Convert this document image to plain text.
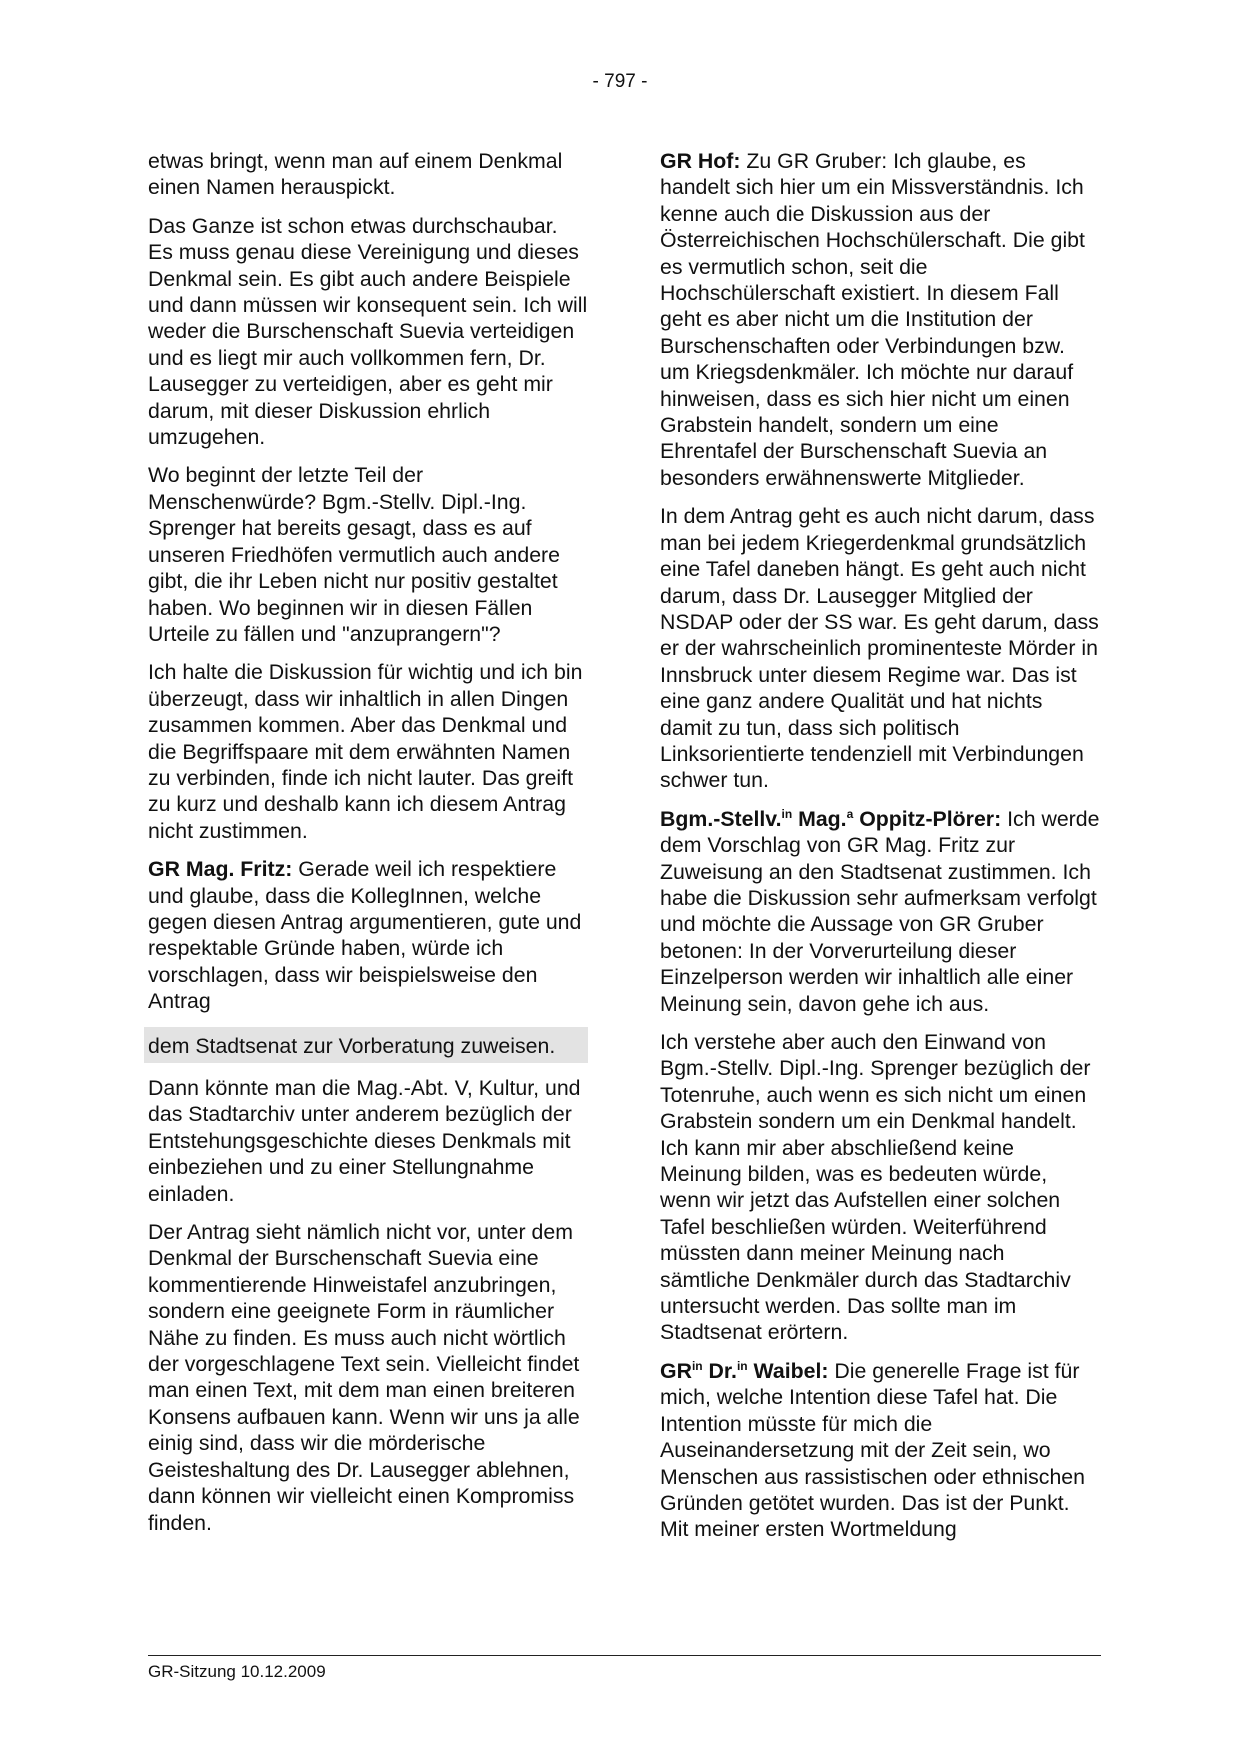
- 797 -

etwas bringt, wenn man auf einem Denkmal einen Namen herauspickt.

Das Ganze ist schon etwas durchschaubar. Es muss genau diese Vereinigung und dieses Denkmal sein. Es gibt auch andere Beispiele und dann müssen wir konsequent sein. Ich will weder die Burschenschaft Suevia verteidigen und es liegt mir auch vollkommen fern, Dr. Lausegger zu verteidigen, aber es geht mir darum, mit dieser Diskussion ehrlich umzugehen.

Wo beginnt der letzte Teil der Menschenwürde? Bgm.-Stellv. Dipl.-Ing. Sprenger hat bereits gesagt, dass es auf unseren Friedhöfen vermutlich auch andere gibt, die ihr Leben nicht nur positiv gestaltet haben. Wo beginnen wir in diesen Fällen Urteile zu fällen und "anzuprangern"?

Ich halte die Diskussion für wichtig und ich bin überzeugt, dass wir inhaltlich in allen Dingen zusammen kommen. Aber das Denkmal und die Begriffspaare mit dem erwähnten Namen zu verbinden, finde ich nicht lauter. Das greift zu kurz und deshalb kann ich diesem Antrag nicht zustimmen.

GR Mag. Fritz: Gerade weil ich respektiere und glaube, dass die KollegInnen, welche gegen diesen Antrag argumentieren, gute und respektable Gründe haben, würde ich vorschlagen, dass wir beispielsweise den Antrag

dem Stadtsenat zur Vorberatung zuweisen.

Dann könnte man die Mag.-Abt. V, Kultur, und das Stadtarchiv unter anderem bezüglich der Entstehungsgeschichte dieses Denkmals mit einbeziehen und zu einer Stellungnahme einladen.

Der Antrag sieht nämlich nicht vor, unter dem Denkmal der Burschenschaft Suevia eine kommentierende Hinweistafel anzubringen, sondern eine geeignete Form in räumlicher Nähe zu finden. Es muss auch nicht wörtlich der vorgeschlagene Text sein. Vielleicht findet man einen Text, mit dem man einen breiteren Konsens aufbauen kann. Wenn wir uns ja alle einig sind, dass wir die mörderische Geisteshaltung des Dr. Lausegger ablehnen, dann können wir vielleicht einen Kompromiss finden.

GR Hof: Zu GR Gruber: Ich glaube, es handelt sich hier um ein Missverständnis. Ich kenne auch die Diskussion aus der Österreichischen Hochschülerschaft. Die gibt es vermutlich schon, seit die Hochschülerschaft existiert. In diesem Fall geht es aber nicht um die Institution der Burschenschaften oder Verbindungen bzw. um Kriegsdenkmäler. Ich möchte nur darauf hinweisen, dass es sich hier nicht um einen Grabstein handelt, sondern um eine Ehrentafel der Burschenschaft Suevia an besonders erwähnenswerte Mitglieder.

In dem Antrag geht es auch nicht darum, dass man bei jedem Kriegerdenkmal grundsätzlich eine Tafel daneben hängt. Es geht auch nicht darum, dass Dr. Lausegger Mitglied der NSDAP oder der SS war. Es geht darum, dass er der wahrscheinlich prominenteste Mörder in Innsbruck unter diesem Regime war. Das ist eine ganz andere Qualität und hat nichts damit zu tun, dass sich politisch Linksorientierte tendenziell mit Verbindungen schwer tun.

Bgm.-Stellv.$^{in}$ Mag.$^a$ Oppitz-Plörer: Ich werde dem Vorschlag von GR Mag. Fritz zur Zuweisung an den Stadtsenat zustimmen. Ich habe die Diskussion sehr aufmerksam verfolgt und möchte die Aussage von GR Gruber betonen: In der Vorverurteilung dieser Einzelperson werden wir inhaltlich alle einer Meinung sein, davon gehe ich aus.

Ich verstehe aber auch den Einwand von Bgm.-Stellv. Dipl.-Ing. Sprenger bezüglich der Totenruhe, auch wenn es sich nicht um einen Grabstein sondern um ein Denkmal handelt. Ich kann mir aber abschließend keine Meinung bilden, was es bedeuten würde, wenn wir jetzt das Aufstellen einer solchen Tafel beschließen würden. Weiterführend müssten dann meiner Meinung nach sämtliche Denkmäler durch das Stadtarchiv untersucht werden. Das sollte man im Stadtsenat erörtern.

$GR^{in}$ Dr.$^{in}$ Waibel: Die generelle Frage ist für mich, welche Intention diese Tafel hat. Die Intention müsste für mich die Auseinandersetzung mit der Zeit sein, wo Menschen aus rassistischen oder ethnischen Gründen getötet wurden. Das ist der Punkt. Mit meiner ersten Wortmeldung

GR-Sitzung 10.12.2009
